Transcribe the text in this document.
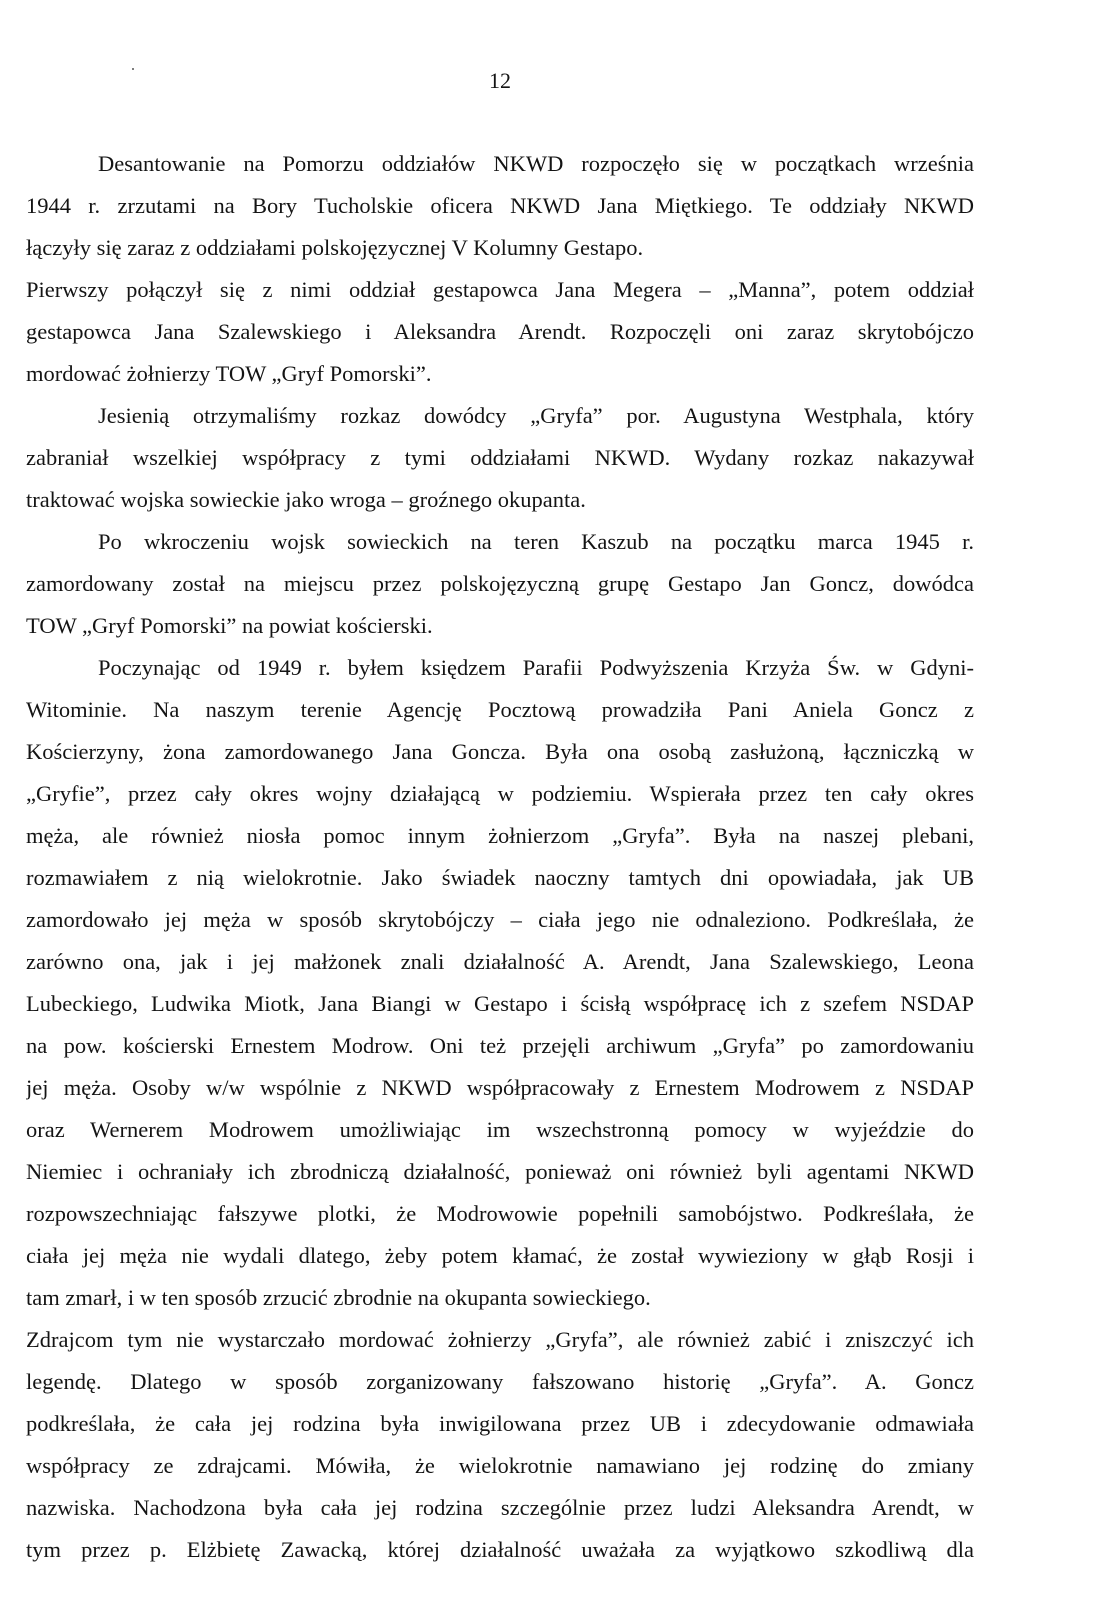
12
Desantowanie na Pomorzu oddziałów NKWD rozpoczęło się w początkach września
1944 r. zrzutami na Bory Tucholskie oficera NKWD Jana Miętkiego. Te oddziały NKWD
łączyły się zaraz z oddziałami polskojęzycznej V Kolumny Gestapo.
Pierwszy połączył się z nimi oddział gestapowca Jana Megera – „Manna”, potem oddział
gestapowca Jana Szalewskiego i Aleksandra Arendt. Rozpoczęli oni zaraz skrytobójczo
mordować żołnierzy TOW „Gryf Pomorski”.
Jesienią otrzymaliśmy rozkaz dowódcy „Gryfa” por. Augustyna Westphala, który
zabraniał wszelkiej współpracy z tymi oddziałami NKWD. Wydany rozkaz nakazywał
traktować wojska sowieckie jako wroga – groźnego okupanta.
Po wkroczeniu wojsk sowieckich na teren Kaszub na początku marca 1945 r.
zamordowany został na miejscu przez polskojęzyczną grupę Gestapo Jan Goncz, dowódca
TOW „Gryf Pomorski” na powiat kościerski.
Poczynając od 1949 r. byłem księdzem Parafii Podwyższenia Krzyża Św. w Gdyni-
Witominie. Na naszym terenie Agencję Pocztową prowadziła Pani Aniela Goncz z
Kościerzyny, żona zamordowanego Jana Goncza. Była ona osobą zasłużoną, łączniczką w
„Gryfie”, przez cały okres wojny działającą w podziemiu. Wspierała przez ten cały okres
męża, ale również niosła pomoc innym żołnierzom „Gryfa”. Była na naszej plebani,
rozmawiałem z nią wielokrotnie. Jako świadek naoczny tamtych dni opowiadała, jak UB
zamordowało jej męża w sposób skrytobójczy – ciała jego nie odnaleziono. Podkreślała, że
zarówno ona, jak i jej małżonek znali działalność A. Arendt, Jana Szalewskiego, Leona
Lubeckiego, Ludwika Miotk, Jana Biangi w Gestapo i ścisłą współpracę ich z szefem NSDAP
na pow. kościerski Ernestem Modrow. Oni też przejęli archiwum „Gryfa” po zamordowaniu
jej męża. Osoby w/w wspólnie z NKWD współpracowały z Ernestem Modrowem z NSDAP
oraz Wernerem Modrowem umożliwiając im wszechstronną pomocy w wyjeździe do
Niemiec i ochraniały ich zbrodniczą działalność, ponieważ oni również byli agentami NKWD
rozpowszechniając fałszywe plotki, że Modrowowie popełnili samobójstwo. Podkreślała, że
ciała jej męża nie wydali dlatego, żeby potem kłamać, że został wywieziony w głąb Rosji i
tam zmarł, i w ten sposób zrzucić zbrodnie na okupanta sowieckiego.
Zdrajcom tym nie wystarczało mordować żołnierzy „Gryfa”, ale również zabić i zniszczyć ich
legendę. Dlatego w sposób zorganizowany fałszowano historię „Gryfa”. A. Goncz
podkreślała, że cała jej rodzina była inwigilowana przez UB i zdecydowanie odmawiała
współpracy ze zdrajcami. Mówiła, że wielokrotnie namawiano jej rodzinę do zmiany
nazwiska. Nachodzona była cała jej rodzina szczególnie przez ludzi Aleksandra Arendt, w
tym przez p. Elżbietę Zawacką, której działalność uważała za wyjątkowo szkodliwą dla
